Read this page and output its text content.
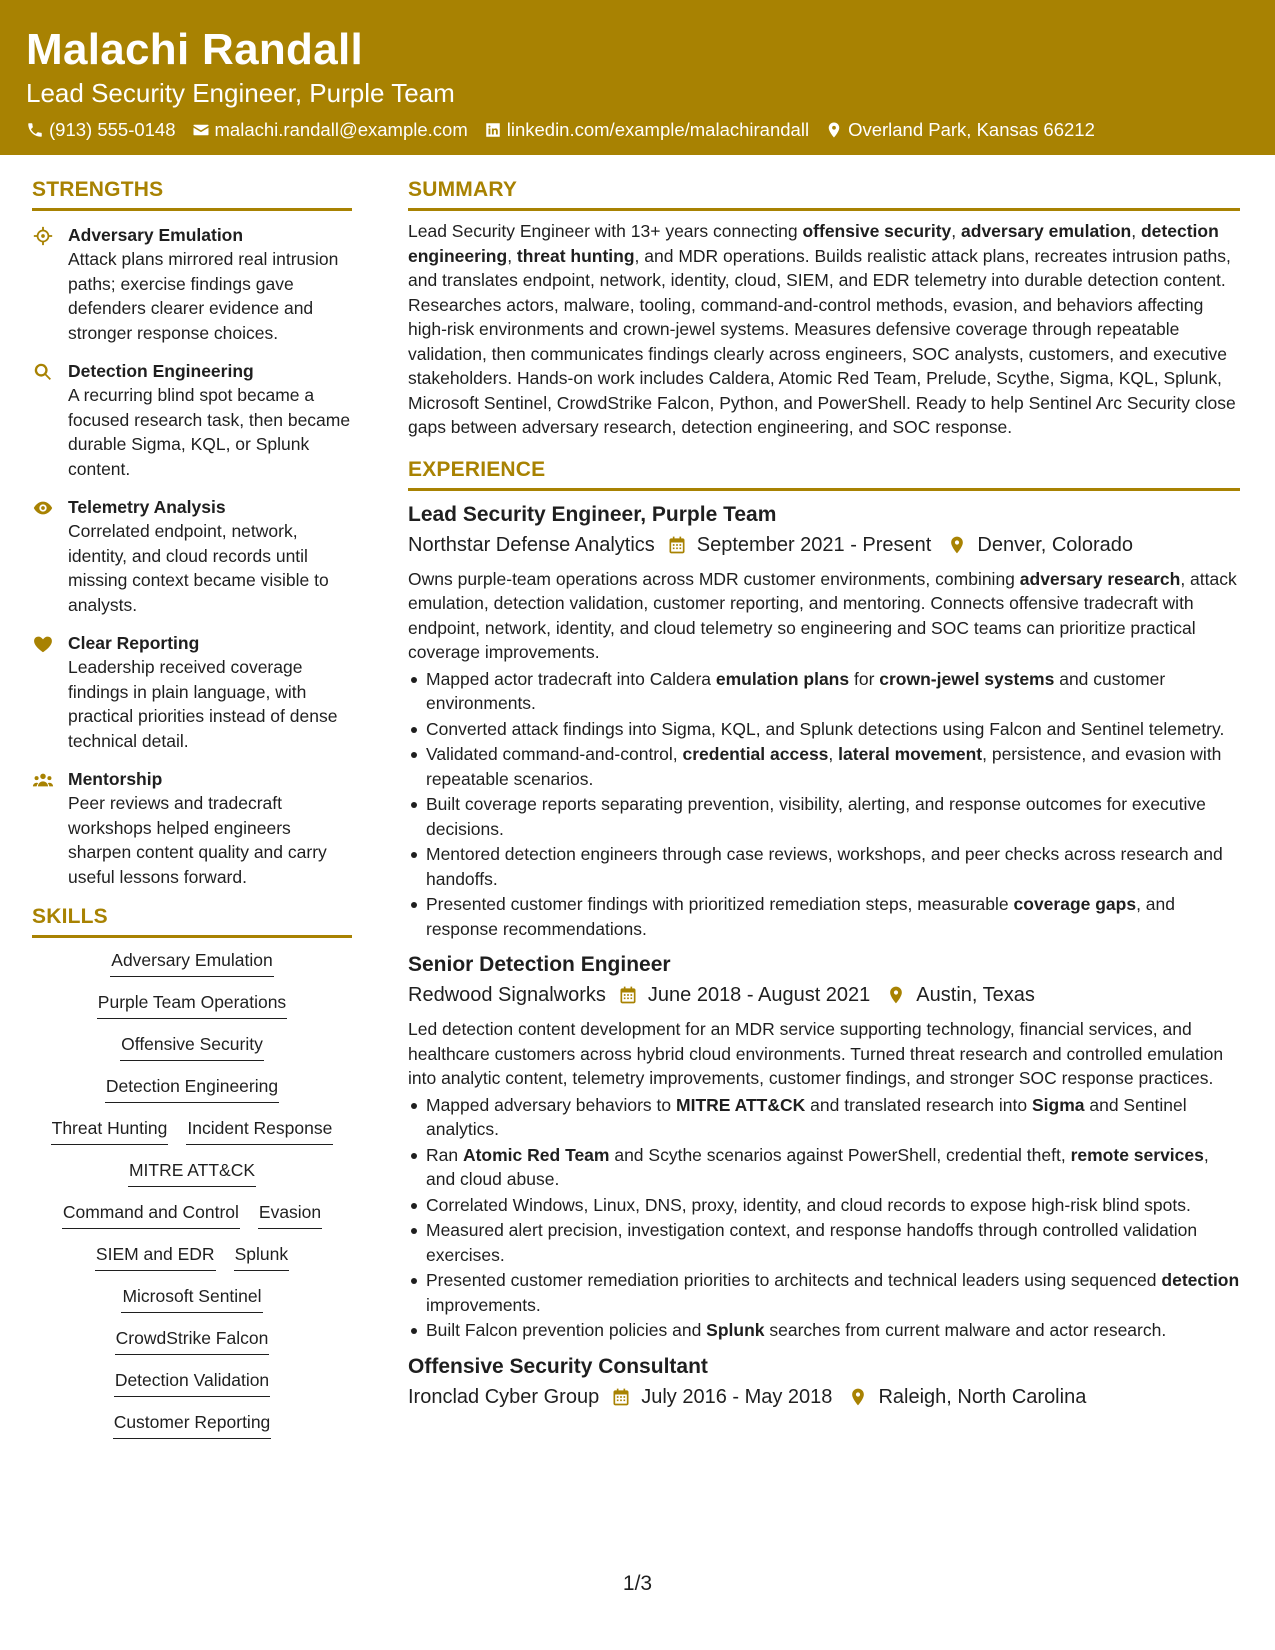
Malachi Randall
Lead Security Engineer, Purple Team
(913) 555-0148 malachi.randall@example.com linkedin.com/example/malachirandall Overland Park, Kansas 66212
STRENGTHS
Adversary Emulation
Attack plans mirrored real intrusion paths; exercise findings gave defenders clearer evidence and stronger response choices.
Detection Engineering
A recurring blind spot became a focused research task, then became durable Sigma, KQL, or Splunk content.
Telemetry Analysis
Correlated endpoint, network, identity, and cloud records until missing context became visible to analysts.
Clear Reporting
Leadership received coverage findings in plain language, with practical priorities instead of dense technical detail.
Mentorship
Peer reviews and tradecraft workshops helped engineers sharpen content quality and carry useful lessons forward.
SKILLS
Adversary Emulation
Purple Team Operations
Offensive Security
Detection Engineering
Threat Hunting Incident Response
MITRE ATT&CK
Command and Control Evasion
SIEM and EDR Splunk
Microsoft Sentinel
CrowdStrike Falcon
Detection Validation
Customer Reporting
SUMMARY
Lead Security Engineer with 13+ years connecting offensive security, adversary emulation, detection engineering, threat hunting, and MDR operations. Builds realistic attack plans, recreates intrusion paths, and translates endpoint, network, identity, cloud, SIEM, and EDR telemetry into durable detection content. Researches actors, malware, tooling, command-and-control methods, evasion, and behaviors affecting high-risk environments and crown-jewel systems. Measures defensive coverage through repeatable validation, then communicates findings clearly across engineers, SOC analysts, customers, and executive stakeholders. Hands-on work includes Caldera, Atomic Red Team, Prelude, Scythe, Sigma, KQL, Splunk, Microsoft Sentinel, CrowdStrike Falcon, Python, and PowerShell. Ready to help Sentinel Arc Security close gaps between adversary research, detection engineering, and SOC response.
EXPERIENCE
Lead Security Engineer, Purple Team
Northstar Defense Analytics September 2021 - Present Denver, Colorado
Owns purple-team operations across MDR customer environments, combining adversary research, attack emulation, detection validation, customer reporting, and mentoring. Connects offensive tradecraft with endpoint, network, identity, and cloud telemetry so engineering and SOC teams can prioritize practical coverage improvements.
Mapped actor tradecraft into Caldera emulation plans for crown-jewel systems and customer environments.
Converted attack findings into Sigma, KQL, and Splunk detections using Falcon and Sentinel telemetry.
Validated command-and-control, credential access, lateral movement, persistence, and evasion with repeatable scenarios.
Built coverage reports separating prevention, visibility, alerting, and response outcomes for executive decisions.
Mentored detection engineers through case reviews, workshops, and peer checks across research and handoffs.
Presented customer findings with prioritized remediation steps, measurable coverage gaps, and response recommendations.
Senior Detection Engineer
Redwood Signalworks June 2018 - August 2021 Austin, Texas
Led detection content development for an MDR service supporting technology, financial services, and healthcare customers across hybrid cloud environments. Turned threat research and controlled emulation into analytic content, telemetry improvements, customer findings, and stronger SOC response practices.
Mapped adversary behaviors to MITRE ATT&CK and translated research into Sigma and Sentinel analytics.
Ran Atomic Red Team and Scythe scenarios against PowerShell, credential theft, remote services, and cloud abuse.
Correlated Windows, Linux, DNS, proxy, identity, and cloud records to expose high-risk blind spots.
Measured alert precision, investigation context, and response handoffs through controlled validation exercises.
Presented customer remediation priorities to architects and technical leaders using sequenced detection improvements.
Built Falcon prevention policies and Splunk searches from current malware and actor research.
Offensive Security Consultant
Ironclad Cyber Group July 2016 - May 2018 Raleigh, North Carolina
1/3
